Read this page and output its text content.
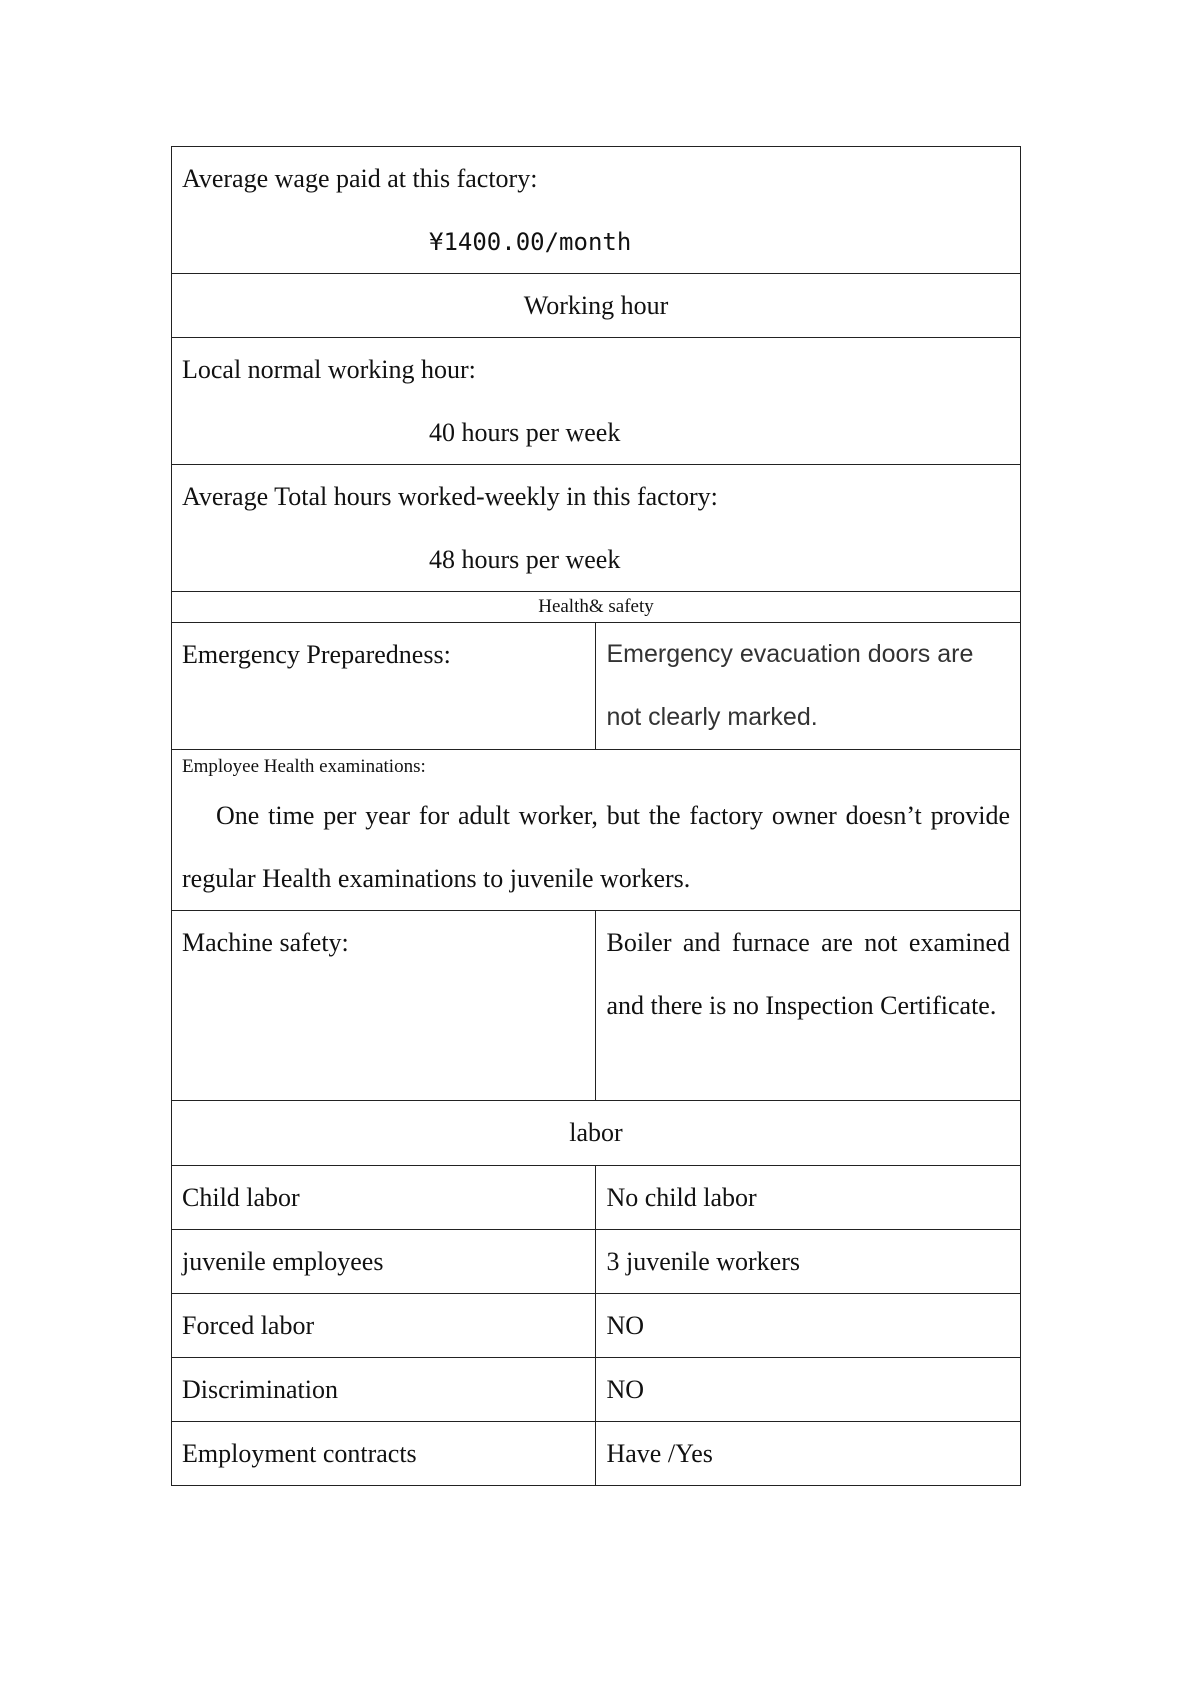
Average wage paid at this factory:
¥1400.00/month	

Working hour	

Local normal working hour:
40 hours per week	

Average Total hours worked-weekly in this factory:
48 hours per week	

Health& safety	
Emergency Preparedness:	Emergency evacuation doors are not clearly marked.

Employee Health examinations:
One time per year for adult worker, but the factory owner doesn’t provide regular Health examinations to juvenile workers.	

Machine safety:	Boiler and furnace are not examined and there is no Inspection Certificate.
labor	
Child labor	No child labor
juvenile employees	3 juvenile workers
Forced labor	NO
Discrimination	NO
Employment contracts	Have /Yes
